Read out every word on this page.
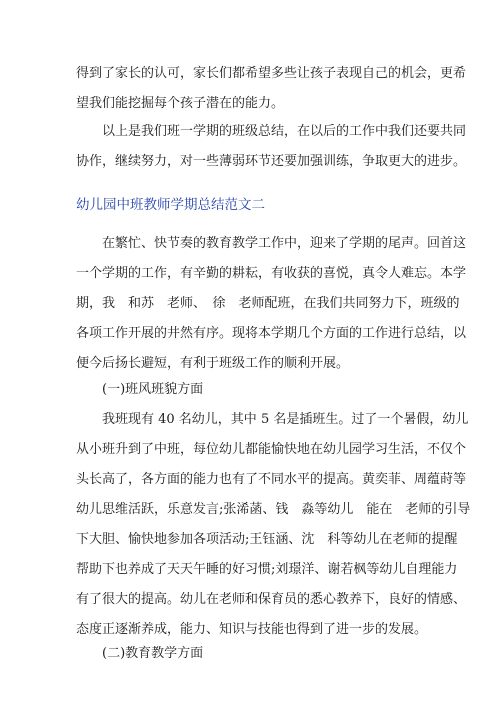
得到了家长的认可，家长们都希望多些让孩子表现自己的机会，更希
望我们能挖掘每个孩子潜在的能力。
以上是我们班一学期的班级总结，在以后的工作中我们还要共同
协作，继续努力，对一些薄弱环节还要加强训练，争取更大的进步。
幼儿园中班教师学期总结范文二
在繁忙、快节奏的教育教学工作中，迎来了学期的尾声。回首这
一个学期的工作，有辛勤的耕耘，有收获的喜悦，真令人难忘。本学
期，我　和苏　老师、　徐　老师配班，在我们共同努力下，班级的
各项工作开展的井然有序。现将本学期几个方面的工作进行总结，以
便今后扬长避短，有利于班级工作的顺利开展。
(一)班风班貌方面
我班现有 40 名幼儿，其中 5 名是插班生。过了一个暑假，幼儿
从小班升到了中班，每位幼儿都能愉快地在幼儿园学习生活，不仅个
头长高了，各方面的能力也有了不同水平的提高。黄奕菲、周蕴莳等
幼儿思维活跃，乐意发言;张浠菡、钱　淼等幼儿　能在　老师的引导
下大胆、愉快地参加各项活动;王钰涵、沈　科等幼儿在老师的提醒
帮助下也养成了天天午睡的好习惯;刘璟洋、谢若枫等幼儿自理能力
有了很大的提高。幼儿在老师和保育员的悉心教养下，良好的情感、
态度正逐渐养成，能力、知识与技能也得到了进一步的发展。
(二)教育教学方面
